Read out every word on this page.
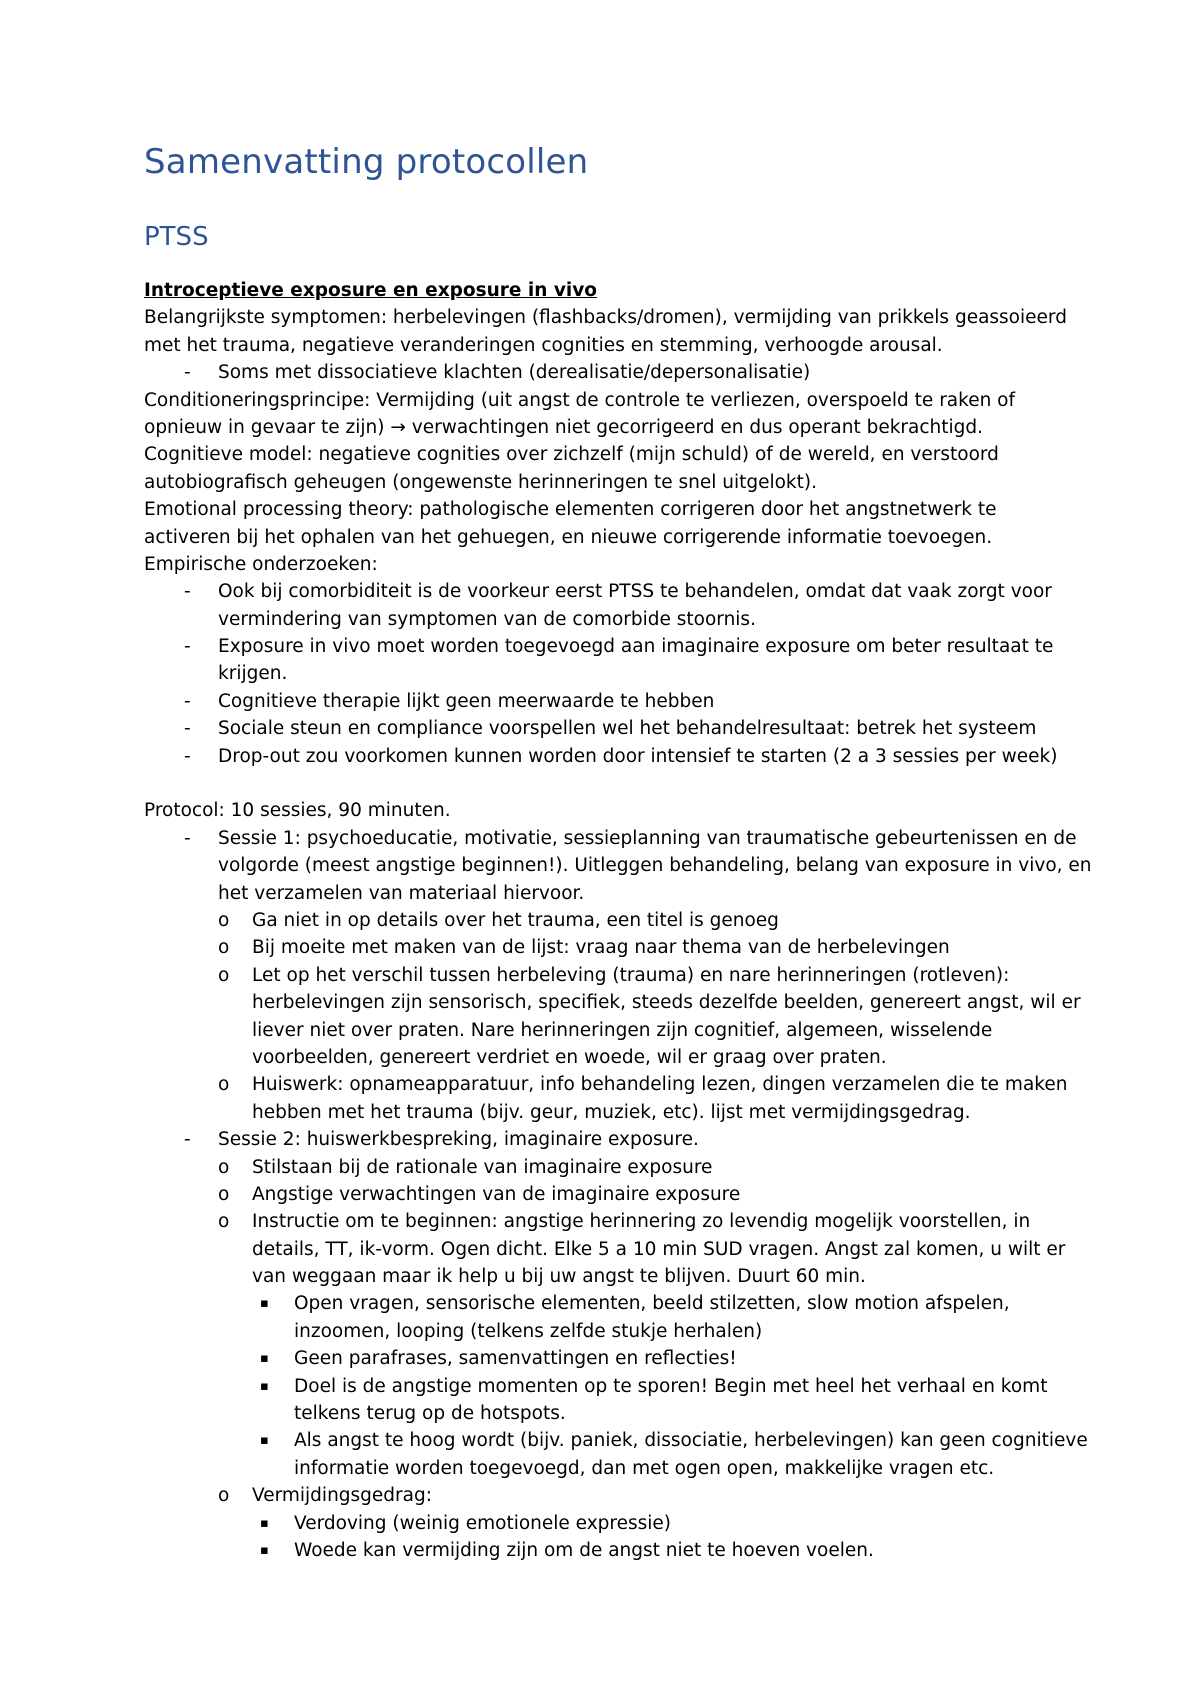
Samenvatting protocollen
PTSS
Introceptieve exposure en exposure in vivo
Belangrijkste symptomen: herbelevingen (flashbacks/dromen), vermijding van prikkels geassoieerd
met het trauma, negatieve veranderingen cognities en stemming, verhoogde arousal.
- Soms met dissociatieve klachten (derealisatie/depersonalisatie)
Conditioneringsprincipe: Vermijding (uit angst de controle te verliezen, overspoeld te raken of
opnieuw in gevaar te zijn) → verwachtingen niet gecorrigeerd en dus operant bekrachtigd.
Cognitieve model: negatieve cognities over zichzelf (mijn schuld) of de wereld, en verstoord
autobiografisch geheugen (ongewenste herinneringen te snel uitgelokt).
Emotional processing theory: pathologische elementen corrigeren door het angstnetwerk te
activeren bij het ophalen van het gehuegen, en nieuwe corrigerende informatie toevoegen.
Empirische onderzoeken:
- Ook bij comorbiditeit is de voorkeur eerst PTSS te behandelen, omdat dat vaak zorgt voor
vermindering van symptomen van de comorbide stoornis.
- Exposure in vivo moet worden toegevoegd aan imaginaire exposure om beter resultaat te
krijgen.
- Cognitieve therapie lijkt geen meerwaarde te hebben
- Sociale steun en compliance voorspellen wel het behandelresultaat: betrek het systeem
- Drop-out zou voorkomen kunnen worden door intensief te starten (2 a 3 sessies per week)
Protocol: 10 sessies, 90 minuten.
- Sessie 1: psychoeducatie, motivatie, sessieplanning van traumatische gebeurtenissen en de
volgorde (meest angstige beginnen!). Uitleggen behandeling, belang van exposure in vivo, en
het verzamelen van materiaal hiervoor.
o Ga niet in op details over het trauma, een titel is genoeg
o Bij moeite met maken van de lijst: vraag naar thema van de herbelevingen
o Let op het verschil tussen herbeleving (trauma) en nare herinneringen (rotleven):
herbelevingen zijn sensorisch, specifiek, steeds dezelfde beelden, genereert angst, wil er
liever niet over praten. Nare herinneringen zijn cognitief, algemeen, wisselende
voorbeelden, genereert verdriet en woede, wil er graag over praten.
o Huiswerk: opnameapparatuur, info behandeling lezen, dingen verzamelen die te maken
hebben met het trauma (bijv. geur, muziek, etc). lijst met vermijdingsgedrag.
- Sessie 2: huiswerkbespreking, imaginaire exposure.
o Stilstaan bij de rationale van imaginaire exposure
o Angstige verwachtingen van de imaginaire exposure
o Instructie om te beginnen: angstige herinnering zo levendig mogelijk voorstellen, in
details, TT, ik-vorm. Ogen dicht. Elke 5 a 10 min SUD vragen. Angst zal komen, u wilt er
van weggaan maar ik help u bij uw angst te blijven. Duurt 60 min.
▪ Open vragen, sensorische elementen, beeld stilzetten, slow motion afspelen,
inzoomen, looping (telkens zelfde stukje herhalen)
▪ Geen parafrases, samenvattingen en reflecties!
▪ Doel is de angstige momenten op te sporen! Begin met heel het verhaal en komt
telkens terug op de hotspots.
▪ Als angst te hoog wordt (bijv. paniek, dissociatie, herbelevingen) kan geen cognitieve
informatie worden toegevoegd, dan met ogen open, makkelijke vragen etc.
o Vermijdingsgedrag:
▪ Verdoving (weinig emotionele expressie)
▪ Woede kan vermijding zijn om de angst niet te hoeven voelen.
